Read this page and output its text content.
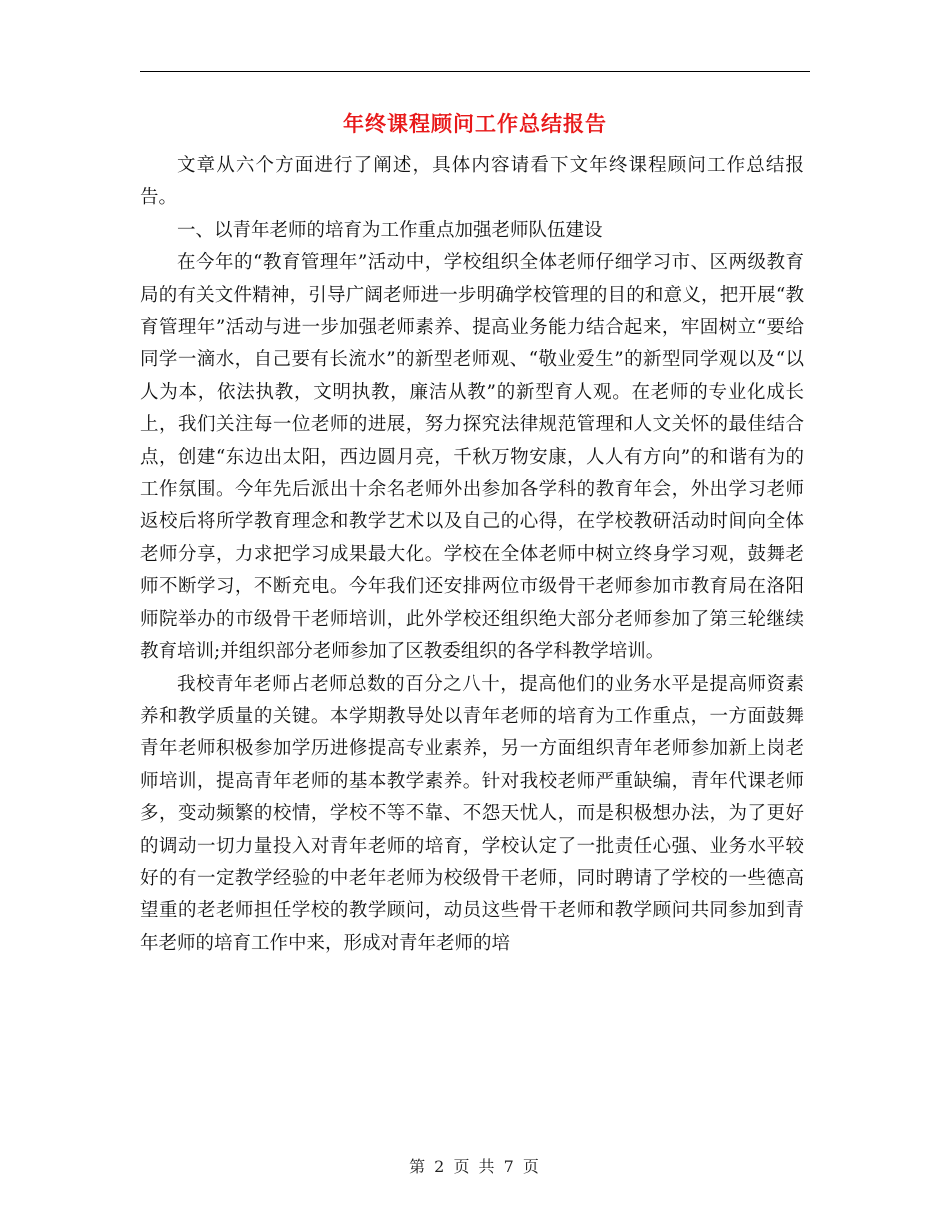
年终课程顾问工作总结报告

文章从六个方面进行了阐述，具体内容请看下文年终课程顾问工作总结报告。

一、以青年老师的培育为工作重点加强老师队伍建设

在今年的“教育管理年”活动中，学校组织全体老师仔细学习市、区两级教育局的有关文件精神，引导广阔老师进一步明确学校管理的目的和意义，把开展“教育管理年”活动与进一步加强老师素养、提高业务能力结合起来，牢固树立“要给同学一滴水，自己要有长流水”的新型老师观、“敬业爱生”的新型同学观以及“以人为本，依法执教，文明执教，廉洁从教”的新型育人观。在老师的专业化成长上，我们关注每一位老师的进展，努力探究法律规范管理和人文关怀的最佳结合点，创建“东边出太阳，西边圆月亮，千秋万物安康，人人有方向”的和谐有为的工作氛围。今年先后派出十余名老师外出参加各学科的教育年会，外出学习老师返校后将所学教育理念和教学艺术以及自己的心得，在学校教研活动时间向全体老师分享，力求把学习成果最大化。学校在全体老师中树立终身学习观，鼓舞老师不断学习，不断充电。今年我们还安排两位市级骨干老师参加市教育局在洛阳师院举办的市级骨干老师培训，此外学校还组织绝大部分老师参加了第三轮继续教育培训;并组织部分老师参加了区教委组织的各学科教学培训。

我校青年老师占老师总数的百分之八十，提高他们的业务水平是提高师资素养和教学质量的关键。本学期教导处以青年老师的培育为工作重点，一方面鼓舞青年老师积极参加学历进修提高专业素养，另一方面组织青年老师参加新上岗老师培训，提高青年老师的基本教学素养。针对我校老师严重缺编，青年代课老师多，变动频繁的校情，学校不等不靠、不怨天忧人，而是积极想办法，为了更好的调动一切力量投入对青年老师的培育，学校认定了一批责任心强、业务水平较好的有一定教学经验的中老年老师为校级骨干老师，同时聘请了学校的一些德高望重的老老师担任学校的教学顾问，动员这些骨干老师和教学顾问共同参加到青年老师的培育工作中来，形成对青年老师的培

第 2 页 共 7 页
